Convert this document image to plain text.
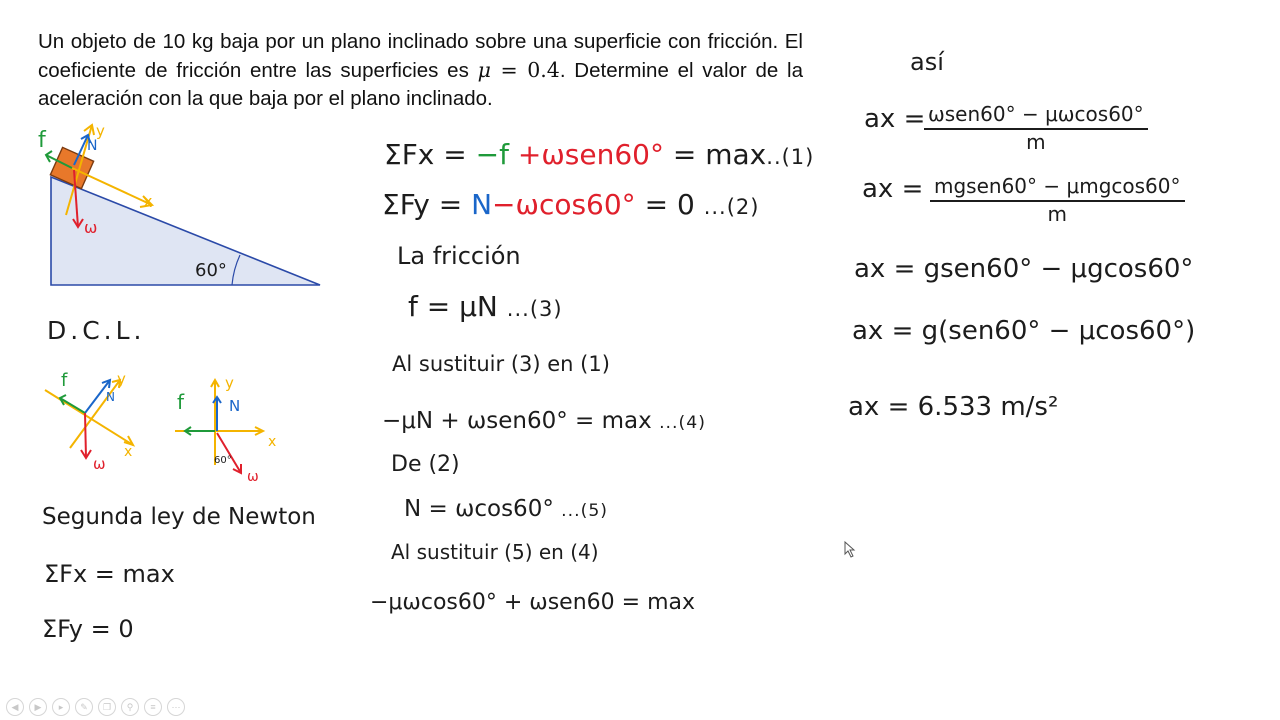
Un objeto de 10 kg baja por un plano inclinado sobre una superficie con fricción. El coeficiente de fricción entre las superficies es μ = 0.4. Determine el valor de la aceleración con la que baja por el plano inclinado.
f	N
y
x
ω
60°
D.C.L.
f	y
N
x
ω
f
y
N
x
60°
ω
Segunda ley de Newton
ΣFx = max
ΣFy = 0
ΣFx = −f +ωsen60° = max..(1)
ΣFy = N−ωcos60° = 0 ...(2)
La fricción
f = μN ...(3)
Al sustituir (3) en (1)
−μN + ωsen60° = max ...(4)
De (2)
N = ωcos60° ...(5)
Al sustituir (5) en (4)
−μωcos60° + ωsen60 = max
así
ax = ωsen60° − μωcos60°
m
ax = mgsen60° − μmgcos60°
m
ax = gsen60° − μgcos60°
ax = g(sen60° − μcos60°)
ax = 6.533 m/s²
◀	▶	▸	✎	❐	⚲	≡	⋯
